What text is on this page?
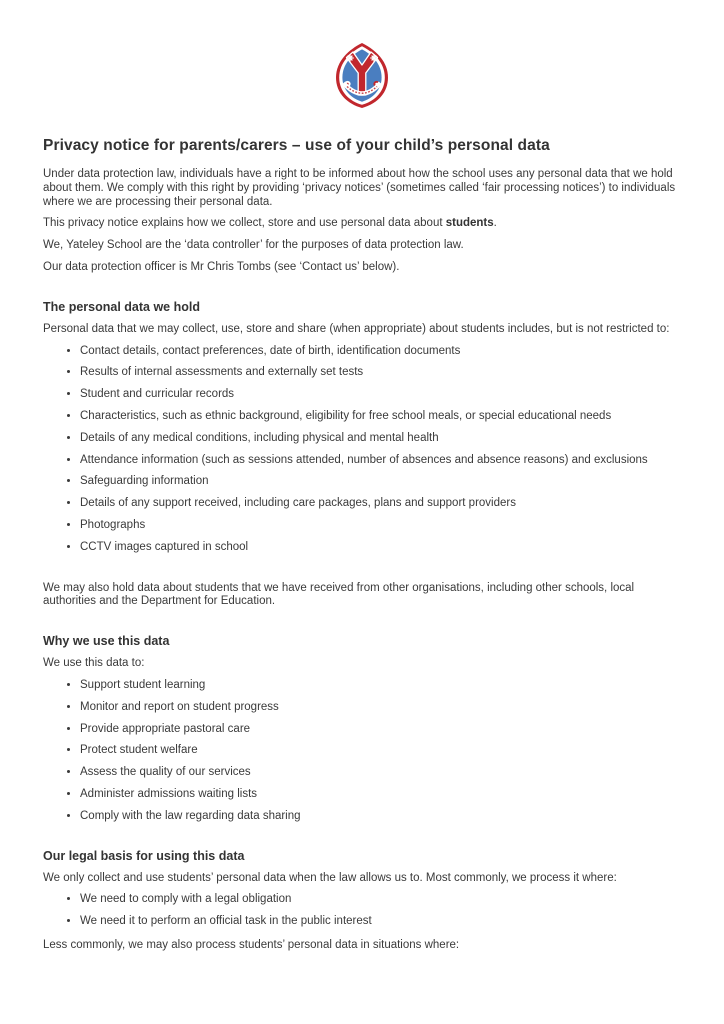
Privacy notice for parents/carers – use of your child’s personal data

Under data protection law, individuals have a right to be informed about how the school uses any personal data that we hold about them. We comply with this right by providing ‘privacy notices’ (sometimes called ‘fair processing notices’) to individuals where we are processing their personal data.

This privacy notice explains how we collect, store and use personal data about students.

We, Yateley School are the ‘data controller’ for the purposes of data protection law.

Our data protection officer is Mr Chris Tombs (see ‘Contact us’ below).

The personal data we hold

Personal data that we may collect, use, store and share (when appropriate) about students includes, but is not restricted to:

• Contact details, contact preferences, date of birth, identification documents
• Results of internal assessments and externally set tests
• Student and curricular records
• Characteristics, such as ethnic background, eligibility for free school meals, or special educational needs
• Details of any medical conditions, including physical and mental health
• Attendance information (such as sessions attended, number of absences and absence reasons) and exclusions
• Safeguarding information
• Details of any support received, including care packages, plans and support providers
• Photographs
• CCTV images captured in school

We may also hold data about students that we have received from other organisations, including other schools, local authorities and the Department for Education.

Why we use this data

We use this data to:

• Support student learning
• Monitor and report on student progress
• Provide appropriate pastoral care
• Protect student welfare
• Assess the quality of our services
• Administer admissions waiting lists
• Comply with the law regarding data sharing
Our legal basis for using this data

We only collect and use students’ personal data when the law allows us to. Most commonly, we process it where:

• We need to comply with a legal obligation
• We need it to perform an official task in the public interest

Less commonly, we may also process students’ personal data in situations where:
